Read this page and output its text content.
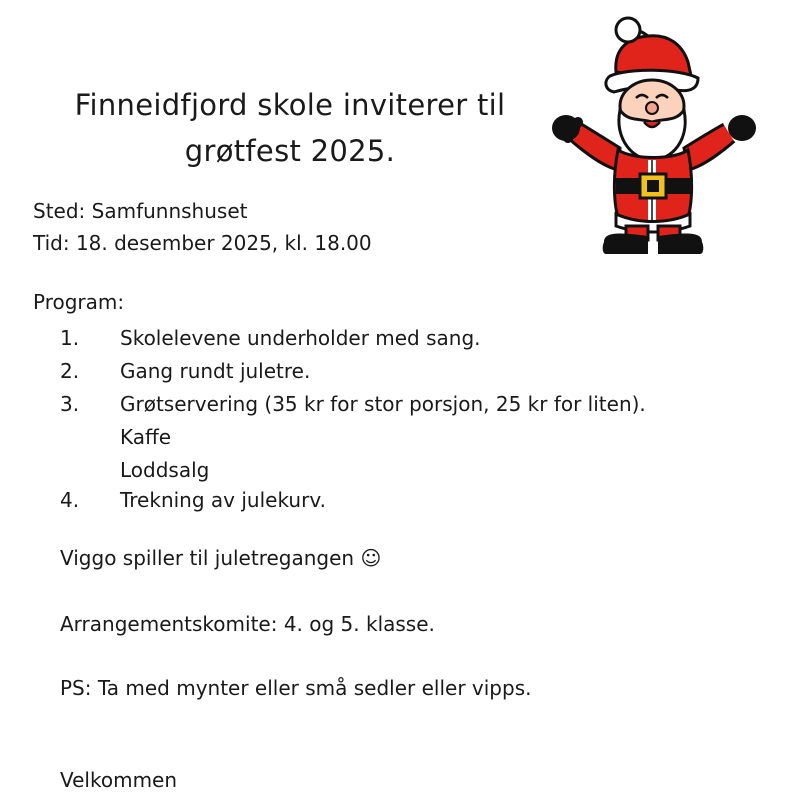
Finneidfjord skole inviterer til
grøtfest 2025.
Sted: Samfunnshuset
Tid: 18. desember 2025, kl. 18.00
Program:
1. Skolelevene underholder med sang.
2. Gang rundt juletre.
3. Grøtservering (35 kr for stor porsjon, 25 kr for liten).
Kaffe
Loddsalg
4. Trekning av julekurv.
Viggo spiller til juletregangen ☺
Arrangementskomite: 4. og 5. klasse.
PS: Ta med mynter eller små sedler eller vipps.
Velkommen
